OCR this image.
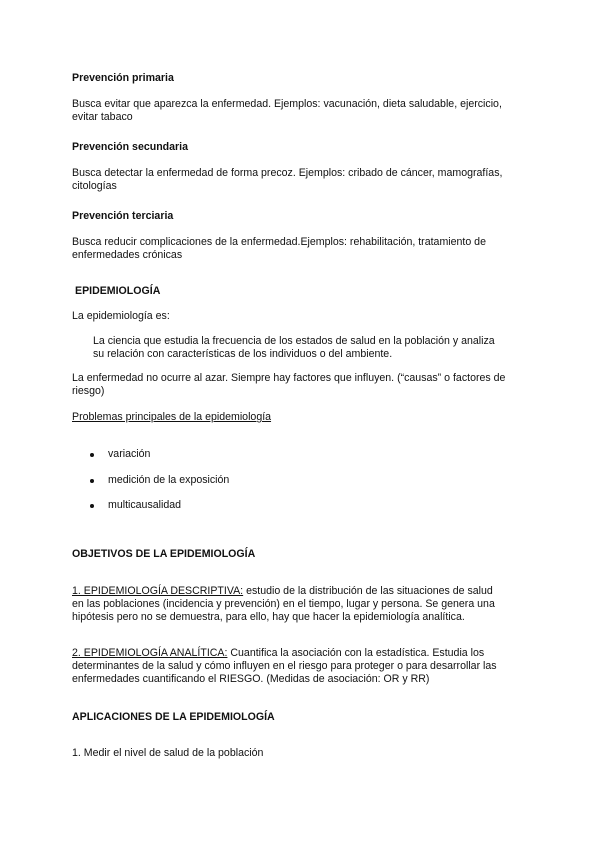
Prevención primaria
Busca evitar que aparezca la enfermedad. Ejemplos: vacunación, dieta saludable, ejercicio,
evitar tabaco
Prevención secundaria
Busca detectar la enfermedad de forma precoz. Ejemplos: cribado de cáncer, mamografías,
citologías
Prevención terciaria
Busca reducir complicaciones de la enfermedad.Ejemplos: rehabilitación, tratamiento de
enfermedades crónicas
EPIDEMIOLOGÍA
La epidemiología es:
La ciencia que estudia la frecuencia de los estados de salud en la población y analiza
su relación con características de los individuos o del ambiente.
La enfermedad no ocurre al azar. Siempre hay factores que influyen. (“causas” o factores de
riesgo)
Problemas principales de la epidemiología
variación
medición de la exposición
multicausalidad
OBJETIVOS DE LA EPIDEMIOLOGÍA
1. EPIDEMIOLOGÍA DESCRIPTIVA: estudio de la distribución de las situaciones de salud
en las poblaciones (incidencia y prevención) en el tiempo, lugar y persona. Se genera una
hipótesis pero no se demuestra, para ello, hay que hacer la epidemiología analítica.
2. EPIDEMIOLOGÍA ANALÍTICA: Cuantifica la asociación con la estadística. Estudia los
determinantes de la salud y cómo influyen en el riesgo para proteger o para desarrollar las
enfermedades cuantificando el RIESGO. (Medidas de asociación: OR y RR)
APLICACIONES DE LA EPIDEMIOLOGÍA
1. Medir el nivel de salud de la población
